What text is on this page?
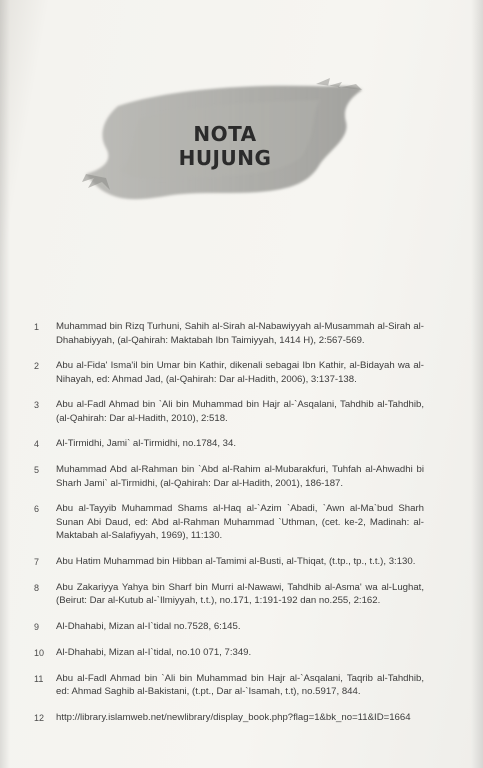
NOTA
HUJUNG
1	Muhammad bin Rizq Turhuni, Sahih al-Sirah al-Nabawiyyah al-Musammah al-Sirah al-Dhahabiyyah, (al-Qahirah: Maktabah Ibn Taimiyyah, 1414 H), 2:567-569.
2	Abu al-Fida' Isma'il bin Umar bin Kathir, dikenali sebagai Ibn Kathir, al-Bidayah wa al-Nihayah, ed: Ahmad Jad, (al-Qahirah: Dar al-Hadith, 2006), 3:137-138.
3	Abu al-Fadl Ahmad bin `Ali bin Muhammad bin Hajr al-`Asqalani, Tahdhib al-Tahdhib, (al-Qahirah: Dar al-Hadith, 2010), 2:518.
4	Al-Tirmidhi, Jami` al-Tirmidhi, no.1784, 34.
5	Muhammad Abd al-Rahman bin `Abd al-Rahim al-Mubarakfuri, Tuhfah al-Ahwadhi bi Sharh Jami` al-Tirmidhi, (al-Qahirah: Dar al-Hadith, 2001), 186-187.
6	Abu al-Tayyib Muhammad Shams al-Haq al-`Azim `Abadi, `Awn al-Ma`bud Sharh Sunan Abi Daud, ed: Abd al-Rahman Muhammad `Uthman, (cet. ke-2, Madinah: al-Maktabah al-Salafiyyah, 1969), 11:130.
7	Abu Hatim Muhammad bin Hibban al-Tamimi al-Busti, al-Thiqat, (t.tp., tp., t.t.), 3:130.
8	Abu Zakariyya Yahya bin Sharf bin Murri al-Nawawi, Tahdhib al-Asma' wa al-Lughat, (Beirut: Dar al-Kutub al-`Ilmiyyah, t.t.), no.171, 1:191-192 dan no.255, 2:162.
9	Al-Dhahabi, Mizan al-I`tidal no.7528, 6:145.
10	Al-Dhahabi, Mizan al-I`tidal, no.10 071, 7:349.
11	Abu al-Fadl Ahmad bin `Ali bin Muhammad bin Hajr al-`Asqalani, Taqrib al-Tahdhib, ed: Ahmad Saghib al-Bakistani, (t.pt., Dar al-`Isamah, t.t), no.5917, 844.
12	http://library.islamweb.net/newlibrary/display_book.php?flag=1&bk_no=11&ID=1664
